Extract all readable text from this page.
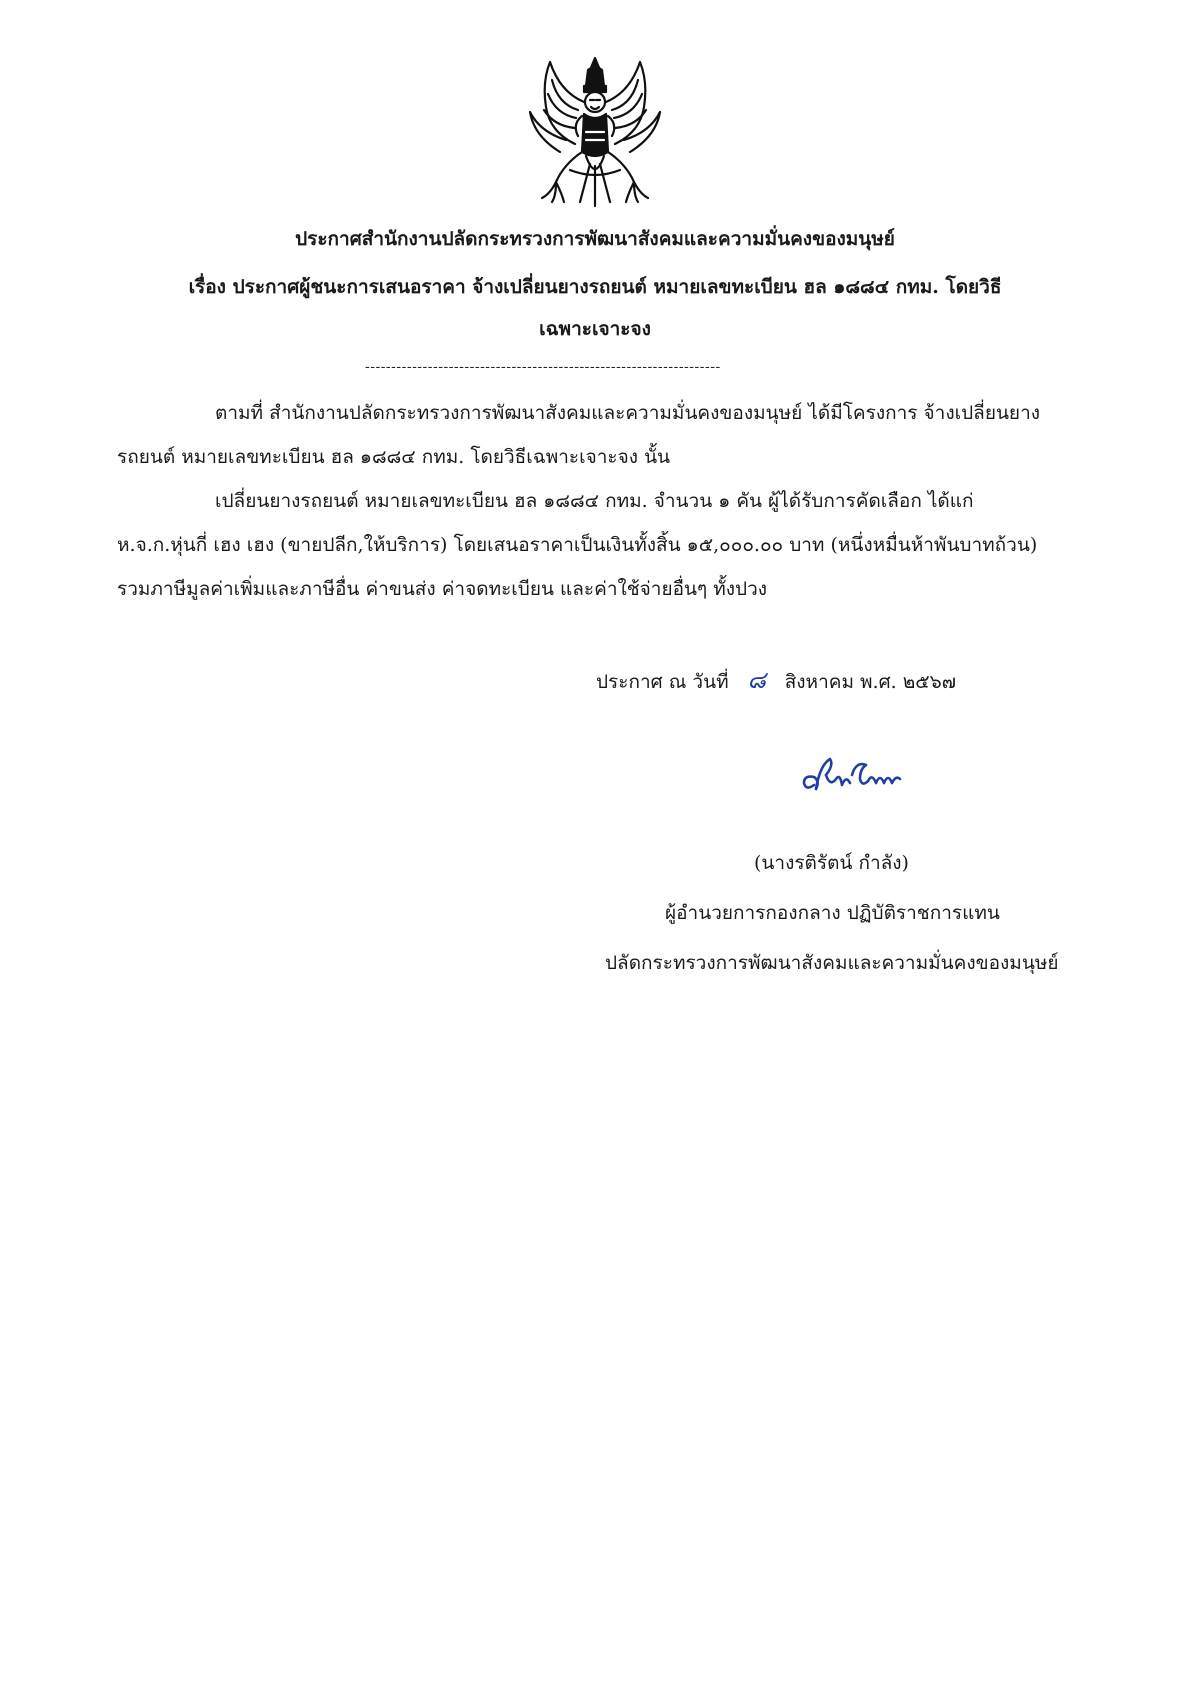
ประกาศสำนักงานปลัดกระทรวงการพัฒนาสังคมและความมั่นคงของมนุษย์
เรื่อง ประกาศผู้ชนะการเสนอราคา จ้างเปลี่ยนยางรถยนต์ หมายเลขทะเบียน ฮล ๑๘๘๔ กทม. โดยวิธี
เฉพาะเจาะจง
--------------------------------------------------------------------
ตามที่ สำนักงานปลัดกระทรวงการพัฒนาสังคมและความมั่นคงของมนุษย์ ได้มีโครงการ จ้างเปลี่ยนยาง
รถยนต์ หมายเลขทะเบียน ฮล ๑๘๘๔ กทม. โดยวิธีเฉพาะเจาะจง นั้น
เปลี่ยนยางรถยนต์ หมายเลขทะเบียน ฮล ๑๘๘๔ กทม. จำนวน ๑ คัน ผู้ได้รับการคัดเลือก ได้แก่
ห.จ.ก.หุ่นกี่ เฮง เฮง (ขายปลีก,ให้บริการ) โดยเสนอราคาเป็นเงินทั้งสิ้น ๑๕,๐๐๐.๐๐ บาท (หนึ่งหมื่นห้าพันบาทถ้วน)
รวมภาษีมูลค่าเพิ่มและภาษีอื่น ค่าขนส่ง ค่าจดทะเบียน และค่าใช้จ่ายอื่นๆ ทั้งปวง
ประกาศ ณ วันที่ ๘ สิงหาคม พ.ศ. ๒๕๖๗
(นางรติรัตน์ กำลัง)
ผู้อำนวยการกองกลาง ปฏิบัติราชการแทน
ปลัดกระทรวงการพัฒนาสังคมและความมั่นคงของมนุษย์
